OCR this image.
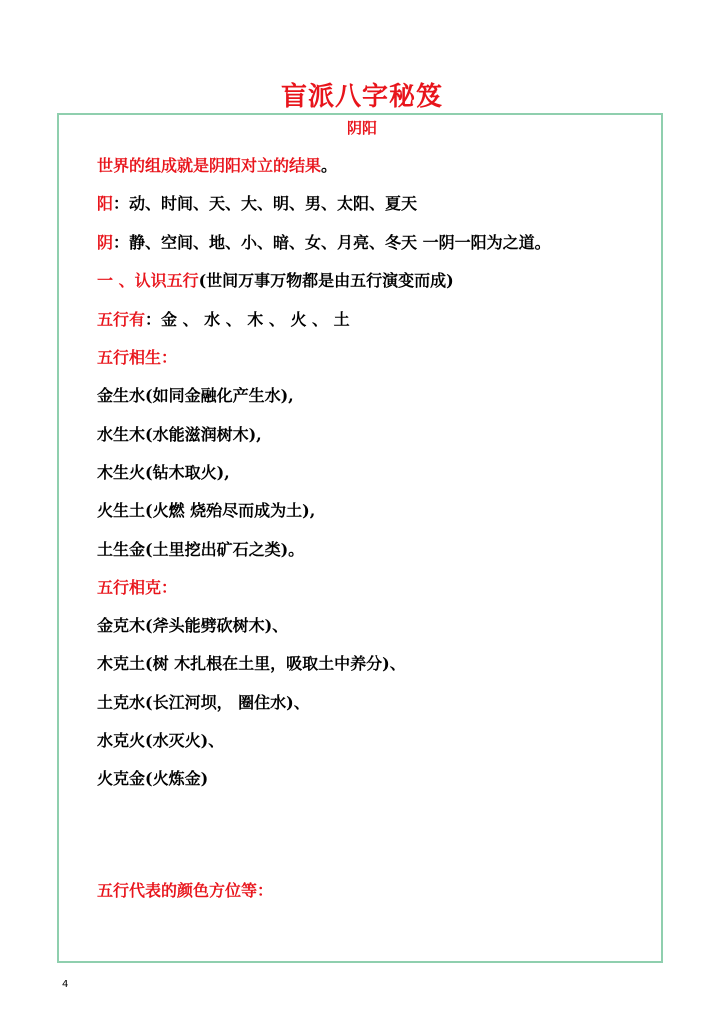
盲派八字秘笈
阴阳
世界的组成就是阴阳对立的结果。
阳：动、时间、天、大、明、男、太阳、夏天
阴：静、空间、地、小、暗、女、月亮、冬天 一阴一阳为之道。
一 、认识五行(世间万事万物都是由五行演变而成)
五行有：金 、 水 、 木 、 火 、 土
五行相生：
金生水(如同金融化产生水),
水生木(水能滋润树木),
木生火(钻木取火),
火生土(火燃 烧殆尽而成为土),
土生金(土里挖出矿石之类)。
五行相克：
金克木(斧头能劈砍树木)、
木克土(树 木扎根在土里，吸取土中养分)、
土克水(长江河坝， 圈住水)、
水克火(水灭火)、
火克金(火炼金)
五行代表的颜色方位等：
4
